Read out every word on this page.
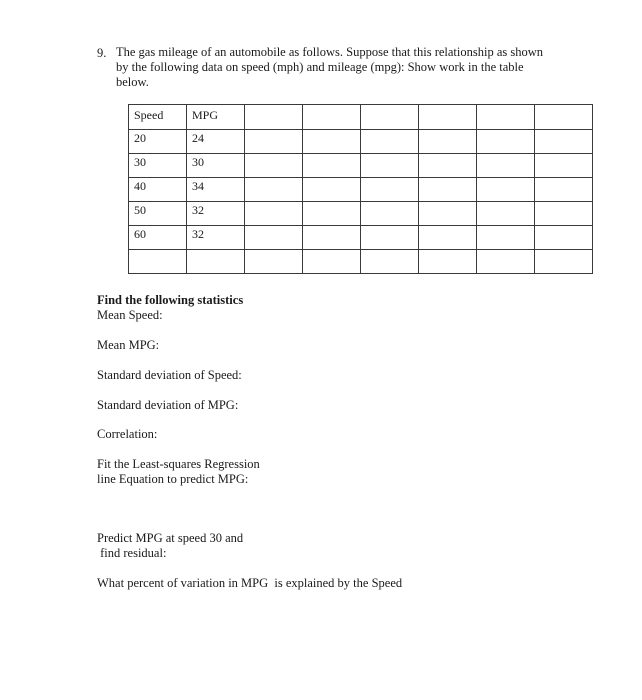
9. The gas mileage of an automobile as follows. Suppose that this relationship as shown
by the following data on speed (mph) and mileage (mpg): Show work in the table
below.
Speed	MPG						
20	24						
30	30						
40	34						
50	32						
60	32						

Find the following statistics
Mean Speed:
Mean MPG:
Standard deviation of Speed:
Standard deviation of MPG:
Correlation:
Fit the Least-squares Regression
line Equation to predict MPG:
Predict MPG at speed 30 and
find residual:
What percent of variation in MPG  is explained by the Speed
